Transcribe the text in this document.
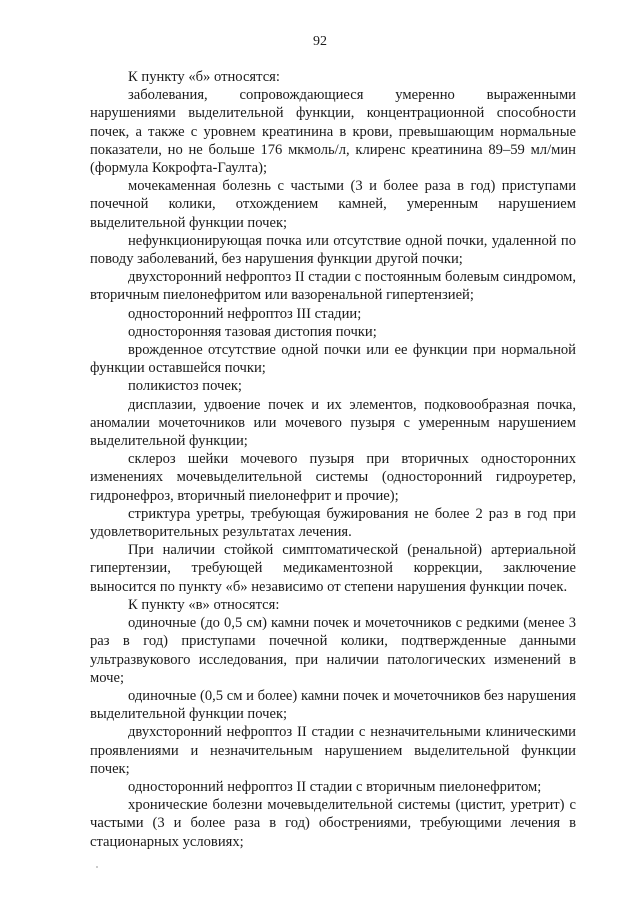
92

К пункту «б» относятся:

заболевания, сопровождающиеся умеренно выраженными нарушениями выделительной функции, концентрационной способности почек, а также с уровнем креатинина в крови, превышающим нормальные показатели, но не больше 176 мкмоль/л, клиренс креатинина 89–59 мл/мин (формула Кокрофта-Гаулта);

мочекаменная болезнь с частыми (3 и более раза в год) приступами почечной колики, отхождением камней, умеренным нарушением выделительной функции почек;

нефункционирующая почка или отсутствие одной почки, удаленной по поводу заболеваний, без нарушения функции другой почки;

двухсторонний нефроптоз II стадии с постоянным болевым синдромом, вторичным пиелонефритом или вазоренальной гипертензией;

односторонний нефроптоз III стадии;

односторонняя тазовая дистопия почки;

врожденное отсутствие одной почки или ее функции при нормальной функции оставшейся почки;

поликистоз почек;

дисплазии, удвоение почек и их элементов, подковообразная почка, аномалии мочеточников или мочевого пузыря с умеренным нарушением выделительной функции;

склероз шейки мочевого пузыря при вторичных односторонних изменениях мочевыделительной системы (односторонний гидроуретер, гидронефроз, вторичный пиелонефрит и прочие);

стриктура уретры, требующая бужирования не более 2 раз в год при удовлетворительных результатах лечения.

При наличии стойкой симптоматической (ренальной) артериальной гипертензии, требующей медикаментозной коррекции, заключение выносится по пункту «б» независимо от степени нарушения функции почек.

К пункту «в» относятся:

одиночные (до 0,5 см) камни почек и мочеточников с редкими (менее 3 раз в год) приступами почечной колики, подтвержденные данными ультразвукового исследования, при наличии патологических изменений в моче;

одиночные (0,5 см и более) камни почек и мочеточников без нарушения выделительной функции почек;

двухсторонний нефроптоз II стадии с незначительными клиническими проявлениями и незначительным нарушением выделительной функции почек;

односторонний нефроптоз II стадии с вторичным пиелонефритом;

хронические болезни мочевыделительной системы (цистит, уретрит) с частыми (3 и более раза в год) обострениями, требующими лечения в стационарных условиях;
